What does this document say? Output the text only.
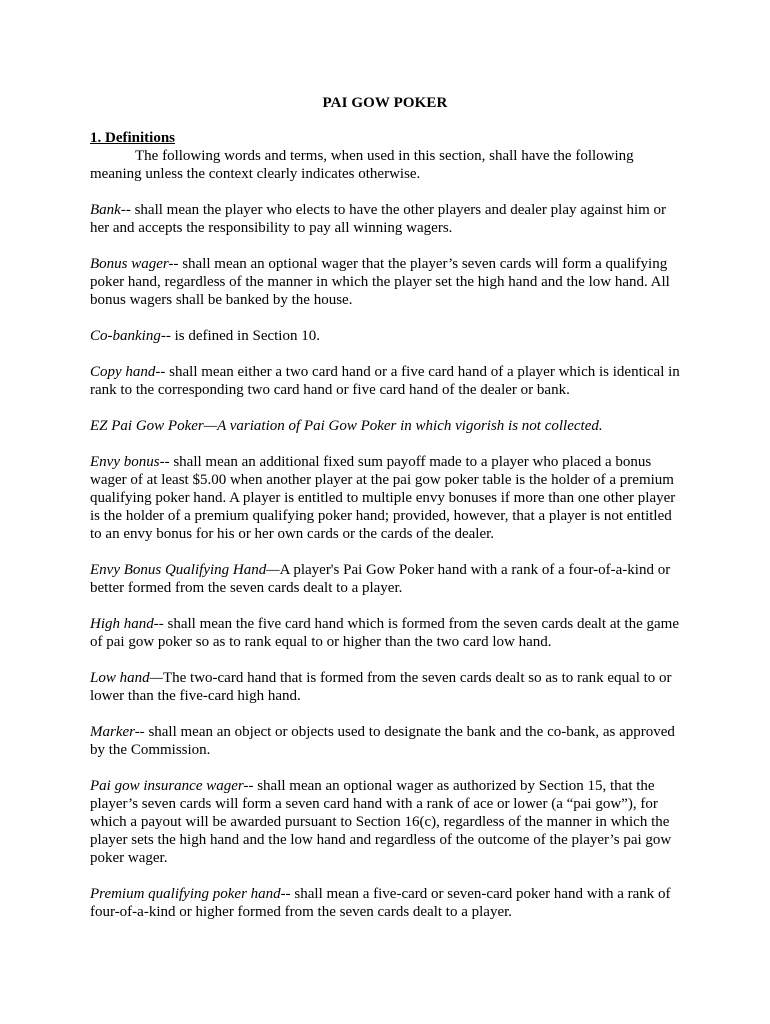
PAI GOW POKER

1. Definitions

The following words and terms, when used in this section, shall have the following meaning unless the context clearly indicates otherwise.

Bank-- shall mean the player who elects to have the other players and dealer play against him or her and accepts the responsibility to pay all winning wagers.

Bonus wager-- shall mean an optional wager that the player’s seven cards will form a qualifying poker hand, regardless of the manner in which the player set the high hand and the low hand. All bonus wagers shall be banked by the house.

Co-banking-- is defined in Section 10.

Copy hand-- shall mean either a two card hand or a five card hand of a player which is identical in rank to the corresponding two card hand or five card hand of the dealer or bank.

EZ Pai Gow Poker—A variation of Pai Gow Poker in which vigorish is not collected.

Envy bonus-- shall mean an additional fixed sum payoff made to a player who placed a bonus wager of at least $5.00 when another player at the pai gow poker table is the holder of a premium qualifying poker hand. A player is entitled to multiple envy bonuses if more than one other player is the holder of a premium qualifying poker hand; provided, however, that a player is not entitled to an envy bonus for his or her own cards or the cards of the dealer.

Envy Bonus Qualifying Hand—A player's Pai Gow Poker hand with a rank of a four-of-a-kind or better formed from the seven cards dealt to a player.

High hand-- shall mean the five card hand which is formed from the seven cards dealt at the game of pai gow poker so as to rank equal to or higher than the two card low hand.

Low hand—The two-card hand that is formed from the seven cards dealt so as to rank equal to or lower than the five-card high hand.

Marker-- shall mean an object or objects used to designate the bank and the co-bank, as approved by the Commission.

Pai gow insurance wager-- shall mean an optional wager as authorized by Section 15, that the player’s seven cards will form a seven card hand with a rank of ace or lower (a “pai gow”), for which a payout will be awarded pursuant to Section 16(c), regardless of the manner in which the player sets the high hand and the low hand and regardless of the outcome of the player’s pai gow poker wager.

Premium qualifying poker hand-- shall mean a five-card or seven-card poker hand with a rank of four-of-a-kind or higher formed from the seven cards dealt to a player.
